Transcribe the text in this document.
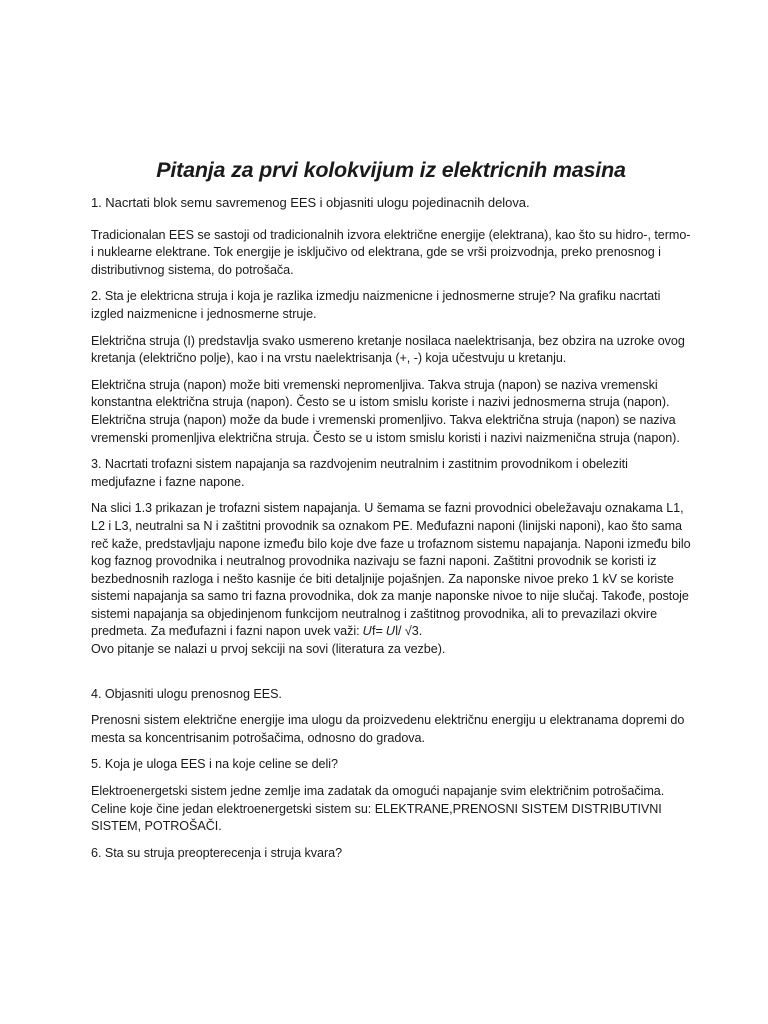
Pitanja za prvi kolokvijum iz elektricnih masina
1. Nacrtati blok semu savremenog EES i objasniti ulogu pojedinacnih delova.
Tradicionalan EES se sastoji od tradicionalnih izvora električne energije (elektrana), kao što su hidro-, termo- i nuklearne elektrane. Tok energije je isključivo od elektrana, gde se vrši proizvodnja, preko prenosnog i distributivnog sistema, do potrošača.
2. Sta je elektricna struja i koja je razlika izmedju naizmenicne i jednosmerne struje? Na grafiku nacrtati izgled naizmenicne i jednosmerne struje.
Električna struja (I) predstavlja svako usmereno kretanje nosilaca naelektrisanja, bez obzira na uzroke ovog kretanja (električno polje), kao i na vrstu naelektrisanja (+, -) koja učestvuju u kretanju.
Električna struja (napon) može biti vremenski nepromenljiva. Takva struja (napon) se naziva vremenski konstantna električna struja (napon). Često se u istom smislu koriste i nazivi jednosmerna struja (napon).
Električna struja (napon) može da bude i vremenski promenljivo. Takva električna struja (napon) se naziva vremenski promenljiva električna struja. Često se u istom smislu koristi i nazivi naizmenična struja (napon).
3. Nacrtati trofazni sistem napajanja sa razdvojenim neutralnim i zastitnim provodnikom i obeleziti medjufazne i fazne napone.
Na slici 1.3 prikazan je trofazni sistem napajanja. U šemama se fazni provodnici obeležavaju oznakama L1, L2 i L3, neutralni sa N i zaštitni provodnik sa oznakom PE. Međufazni naponi (linijski naponi), kao što sama reč kaže, predstavljaju napone između bilo koje dve faze u trofaznom sistemu napajanja. Naponi između bilo kog faznog provodnika i neutralnog provodnika nazivaju se fazni naponi. Zaštitni provodnik se koristi iz bezbednosnih razloga i nešto kasnije će biti detaljnije pojašnjen. Za naponske nivoe preko 1 kV se koriste sistemi napajanja sa samo tri fazna provodnika, dok za manje naponske nivoe to nije slučaj. Takođe, postoje sistemi napajanja sa objedinjenom funkcijom neutralnog i zaštitnog provodnika, ali to prevazilazi okvire predmeta. Za međufazni i fazni napon uvek važi: 𝑈f= 𝑈l/ √3.
Ovo pitanje se nalazi u prvoj sekciji na sovi (literatura za vezbe).
4. Objasniti ulogu prenosnog EES.
Prenosni sistem električne energije ima ulogu da proizvedenu električnu energiju u elektranama dopremi do mesta sa koncentrisanim potrošačima, odnosno do gradova.
5. Koja je uloga EES i na koje celine se deli?
Elektroenergetski sistem jedne zemlje ima zadatak da omogući napajanje svim električnim potrošačima. Celine koje čine jedan elektroenergetski sistem su: ELEKTRANE,PRENOSNI SISTEM DISTRIBUTIVNI SISTEM, POTROŠAČI.
6. Sta su struja preopterecenja i struja kvara?
